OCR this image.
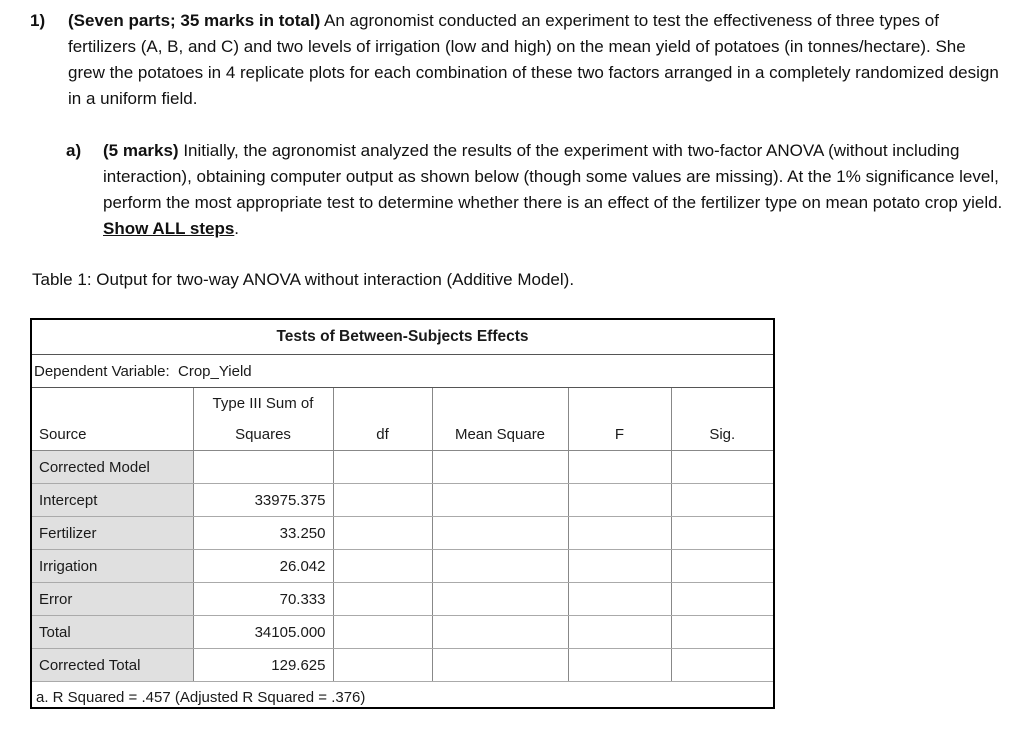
1) (Seven parts; 35 marks in total) An agronomist conducted an experiment to test the effectiveness of three types of fertilizers (A, B, and C) and two levels of irrigation (low and high) on the mean yield of potatoes (in tonnes/hectare). She grew the potatoes in 4 replicate plots for each combination of these two factors arranged in a completely randomized design in a uniform field.
a) (5 marks) Initially, the agronomist analyzed the results of the experiment with two-factor ANOVA (without including interaction), obtaining computer output as shown below (though some values are missing). At the 1% significance level, perform the most appropriate test to determine whether there is an effect of the fertilizer type on mean potato crop yield. Show ALL steps.
Table 1: Output for two-way ANOVA without interaction (Additive Model).
Tests of Between-Subjects Effects					
Dependent Variable: Crop_Yield					
	Type III Sum of				
Source	Squares	df	Mean Square	F	Sig.
Corrected Model					
Intercept	33975.375				
Fertilizer	33.250				
Irrigation	26.042				
Error	70.333				
Total	34105.000				
Corrected Total	129.625				
a. R Squared = .457 (Adjusted R Squared = .376)					
